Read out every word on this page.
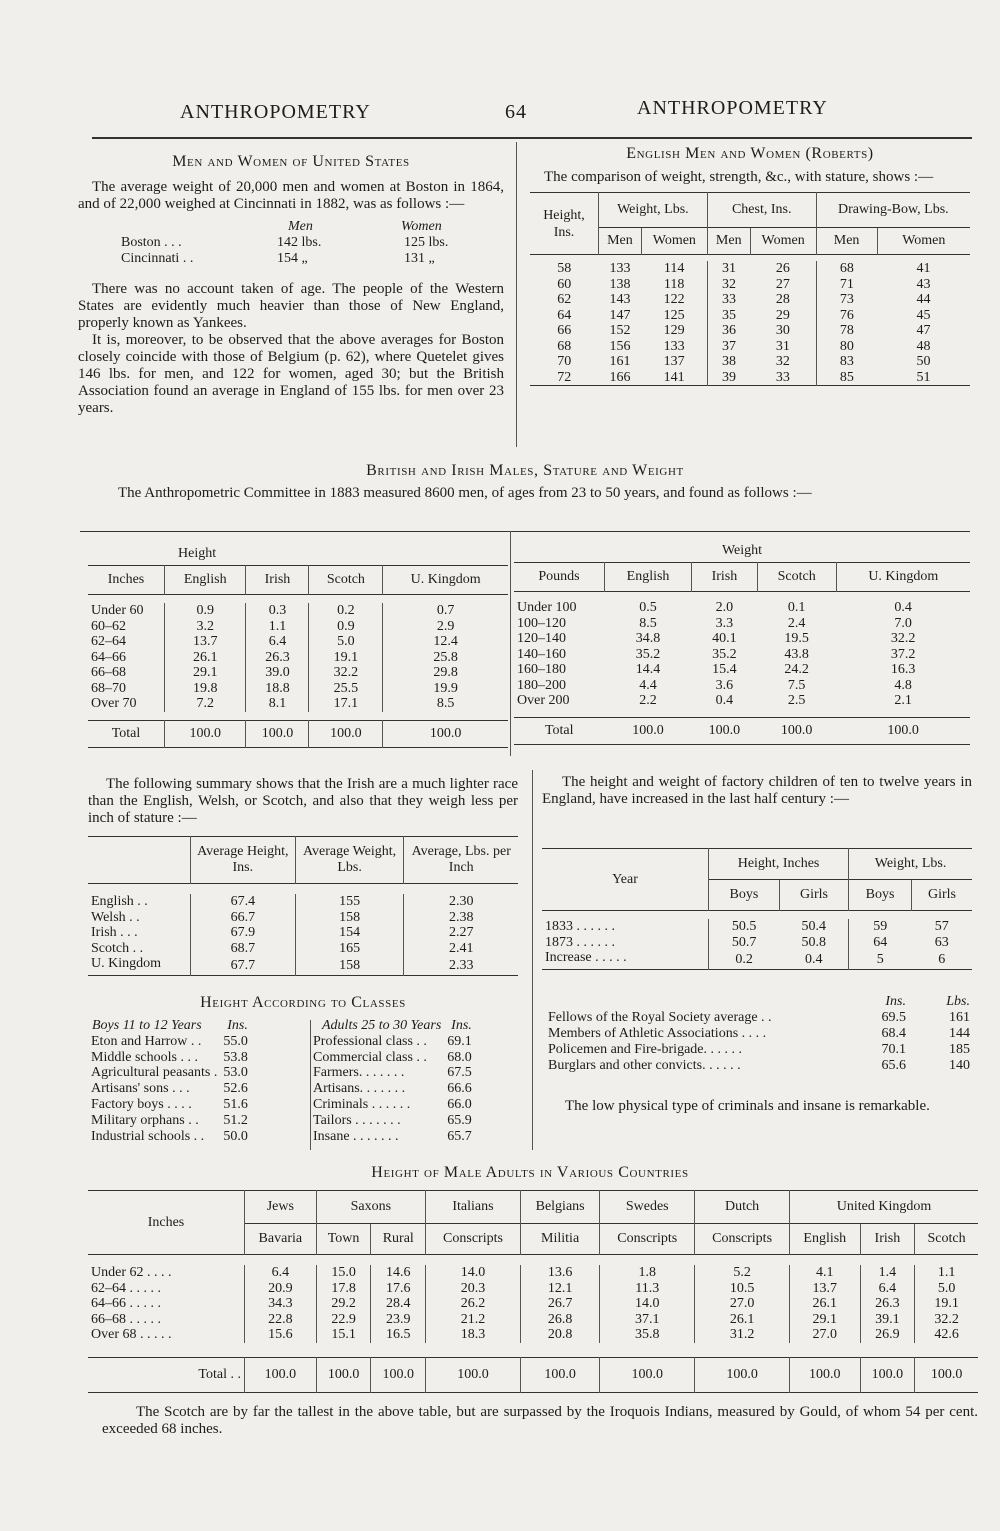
ANTHROPOMETRY	64	ANTHROPOMETRY
Men and Women of United States

The average weight of 20,000 men and women at Boston in 1864, and of 22,000 weighed at Cincinnati in 1882, was as follows :—

	Men	Women
Boston . . .	142 lbs.	125 lbs.
Cincinnati . .	154 „	131 „

There was no account taken of age. The people of the Western States are evidently much heavier than those of New England, properly known as Yankees.

It is, moreover, to be observed that the above averages for Boston closely coincide with those of Belgium (p. 62), where Quetelet gives 146 lbs. for men, and 122 for women, aged 30; but the British Association found an average in England of 155 lbs. for men over 23 years.

English Men and Women (Roberts)

The comparison of weight, strength, &c., with stature, shows :—

Height, Ins.	Weight, Lbs.		Chest, Ins.		Drawing-Bow, Lbs.	
	Men	Women	Men	Women	Men	Women

58	133	114	31	26	68	41
60	138	118	32	27	71	43
62	143	122	33	28	73	44
64	147	125	35	29	76	45
66	152	129	36	30	78	47
68	156	133	37	31	80	48
70	161	137	38	32	83	50
72	166	141	39	33	85	51
British and Irish Males, Stature and Weight

The Anthropometric Committee in 1883 measured 8600 men, of ages from 23 to 50 years, and found as follows :—

Height				
Inches	English	Irish	Scotch	U. Kingdom

Under 60	0.9	0.3	0.2	0.7
60–62	3.2	1.1	0.9	2.9
62–64	13.7	6.4	5.0	12.4
64–66	26.1	26.3	19.1	25.8
66–68	29.1	39.0	32.2	29.8
68–70	19.8	18.8	25.5	19.9
Over 70	7.2	8.1	17.1	8.5

Total	100.0	100.0	100.0	100.0
Weight				
Pounds	English	Irish	Scotch	U. Kingdom

Under 100	0.5	2.0	0.1	0.4
100–120	8.5	3.3	2.4	7.0
120–140	34.8	40.1	19.5	32.2
140–160	35.2	35.2	43.8	37.2
160–180	14.4	15.4	24.2	16.3
180–200	4.4	3.6	7.5	4.8
Over 200	2.2	0.4	2.5	2.1

Total	100.0	100.0	100.0	100.0

The following summary shows that the Irish are a much lighter race than the English, Welsh, or Scotch, and also that they weigh less per inch of stature :—

	Average Height, Ins.	Average Weight, Lbs.	Average, Lbs. per Inch

English . .	67.4	155	2.30
Welsh . .	66.7	158	2.38
Irish . . .	67.9	154	2.27
Scotch . .	68.7	165	2.41
U. Kingdom	67.7	158	2.33
Height According to Classes
Boys 11 to 12 Years	Ins.
Eton and Harrow . .	55.0
Middle schools . . .	53.8
Agricultural peasants .	53.0
Artisans' sons . . .	52.6
Factory boys . . . .	51.6
Military orphans . .	51.2
Industrial schools . .	50.0
Adults 25 to 30 Years	Ins.
Professional class . .	69.1
Commercial class . .	68.0
Farmers. . . . . . .	67.5
Artisans. . . . . . .	66.6
Criminals . . . . . .	66.0
Tailors . . . . . . .	65.9
Insane . . . . . . .	65.7

The height and weight of factory children of ten to twelve years in England, have increased in the last half century :—

Year	Height, Inches		Weight, Lbs.	
	Boys	Girls	Boys	Girls

1833 . . . . . .	50.5	50.4	59	57
1873 . . . . . .	50.7	50.8	64	63
Increase . . . . .	0.2	0.4	5	6
	Ins.	Lbs.
Fellows of the Royal Society average . .	69.5	161
Members of Athletic Associations . . . .	68.4	144
Policemen and Fire-brigade. . . . . .	70.1	185
Burglars and other convicts. . . . . .	65.6	140

The low physical type of criminals and insane is remarkable.

Height of Male Adults in Various Countries
Inches	Jews	Saxons		Italians	Belgians	Swedes	Dutch	United Kingdom		
	Bavaria	Town	Rural	Conscripts	Militia	Conscripts	Conscripts	English	Irish	Scotch

Under 62 . . . .	6.4	15.0	14.6	14.0	13.6	1.8	5.2	4.1	1.4	1.1
62–64 . . . . .	20.9	17.8	17.6	20.3	12.1	11.3	10.5	13.7	6.4	5.0
64–66 . . . . .	34.3	29.2	28.4	26.2	26.7	14.0	27.0	26.1	26.3	19.1
66–68 . . . . .	22.8	22.9	23.9	21.2	26.8	37.1	26.1	29.1	39.1	32.2
Over 68 . . . . .	15.6	15.1	16.5	18.3	20.8	35.8	31.2	27.0	26.9	42.6

Total . .	100.0	100.0	100.0	100.0	100.0	100.0	100.0	100.0	100.0	100.0

The Scotch are by far the tallest in the above table, but are surpassed by the Iroquois Indians, measured by Gould, of whom 54 per cent. exceeded 68 inches.
